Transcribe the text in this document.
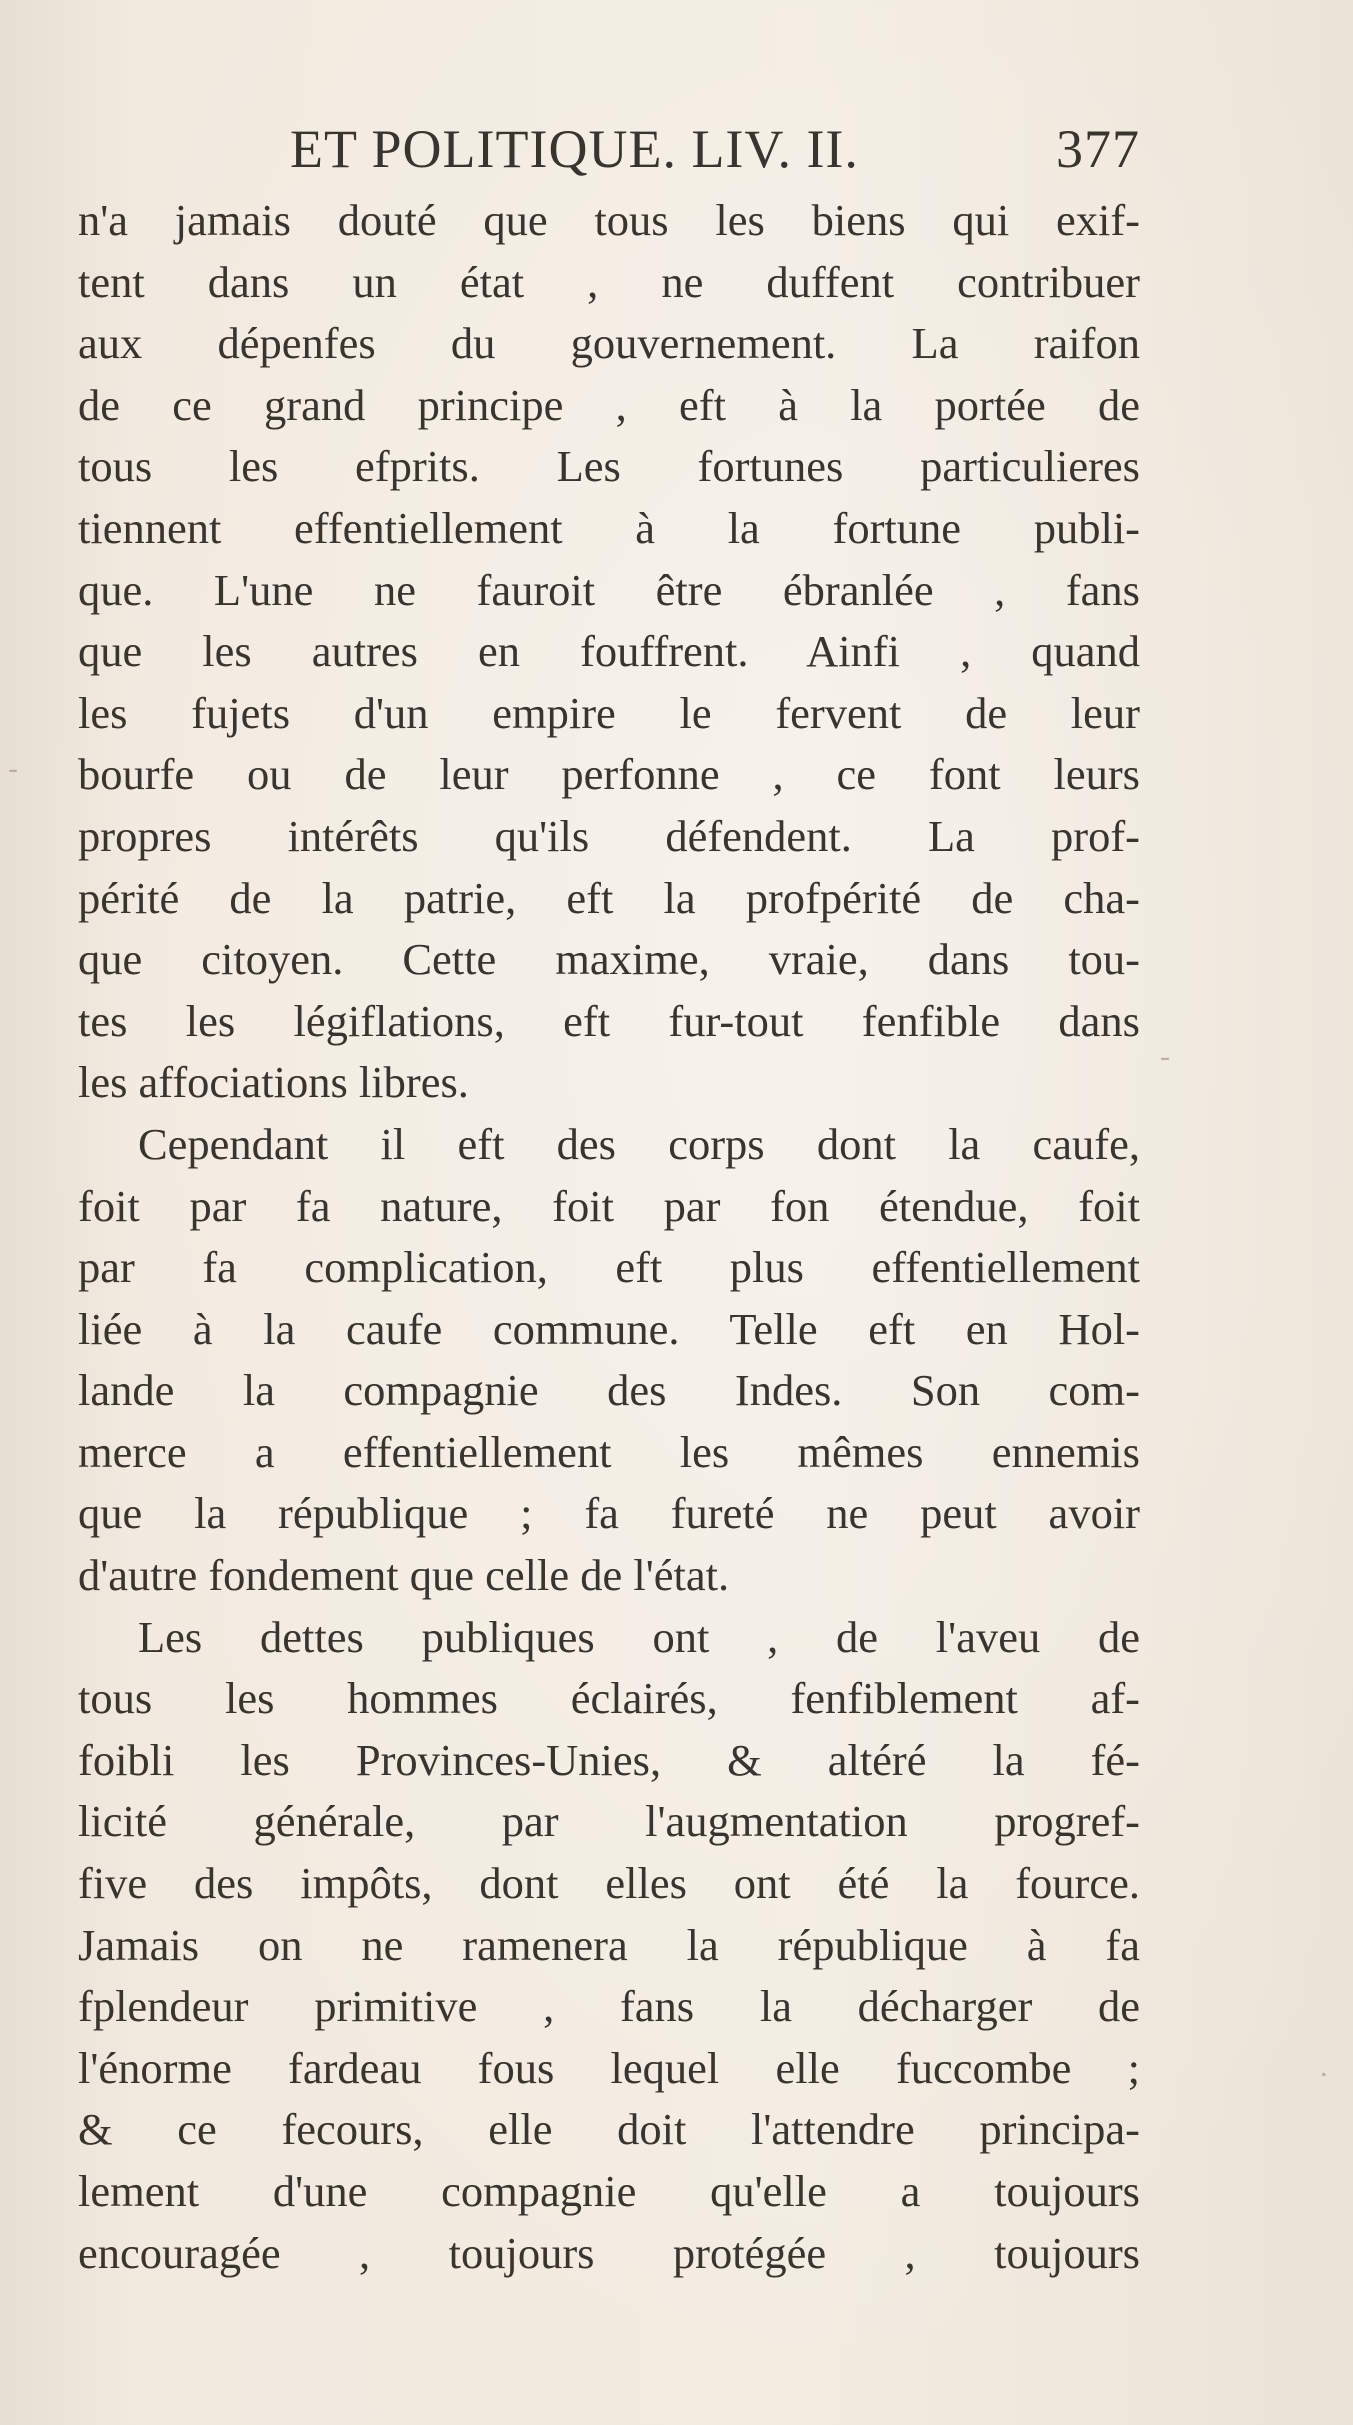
ET POLITIQUE. LIV. II.	377
n'a jamais douté que tous les biens qui exif-
tent dans un état , ne duffent contribuer
aux dépenfes du gouvernement. La raifon
de ce grand principe , eft à la portée de
tous les efprits. Les fortunes particulieres
tiennent effentiellement à la fortune publi-
que. L'une ne fauroit être ébranlée , fans
que les autres en fouffrent. Ainfi , quand
les fujets d'un empire le fervent de leur
bourfe ou de leur perfonne , ce font leurs
propres intérêts qu'ils défendent. La prof-
périté de la patrie, eft la profpérité de cha-
que citoyen. Cette maxime, vraie, dans tou-
tes les légiflations, eft fur-tout fenfible dans
les affociations libres.
Cependant il eft des corps dont la caufe,
foit par fa nature, foit par fon étendue, foit
par fa complication, eft plus effentiellement
liée à la caufe commune. Telle eft en Hol-
lande la compagnie des Indes. Son com-
merce a effentiellement les mêmes ennemis
que la république ; fa fureté ne peut avoir
d'autre fondement que celle de l'état.
Les dettes publiques ont , de l'aveu de
tous les hommes éclairés, fenfiblement af-
foibli les Provinces-Unies, & altéré la fé-
licité générale, par l'augmentation progref-
five des impôts, dont elles ont été la fource.
Jamais on ne ramenera la république à fa
fplendeur primitive , fans la décharger de
l'énorme fardeau fous lequel elle fuccombe ;
& ce fecours, elle doit l'attendre principa-
lement d'une compagnie qu'elle a toujours
encouragée , toujours protégée , toujours
-
-
.
